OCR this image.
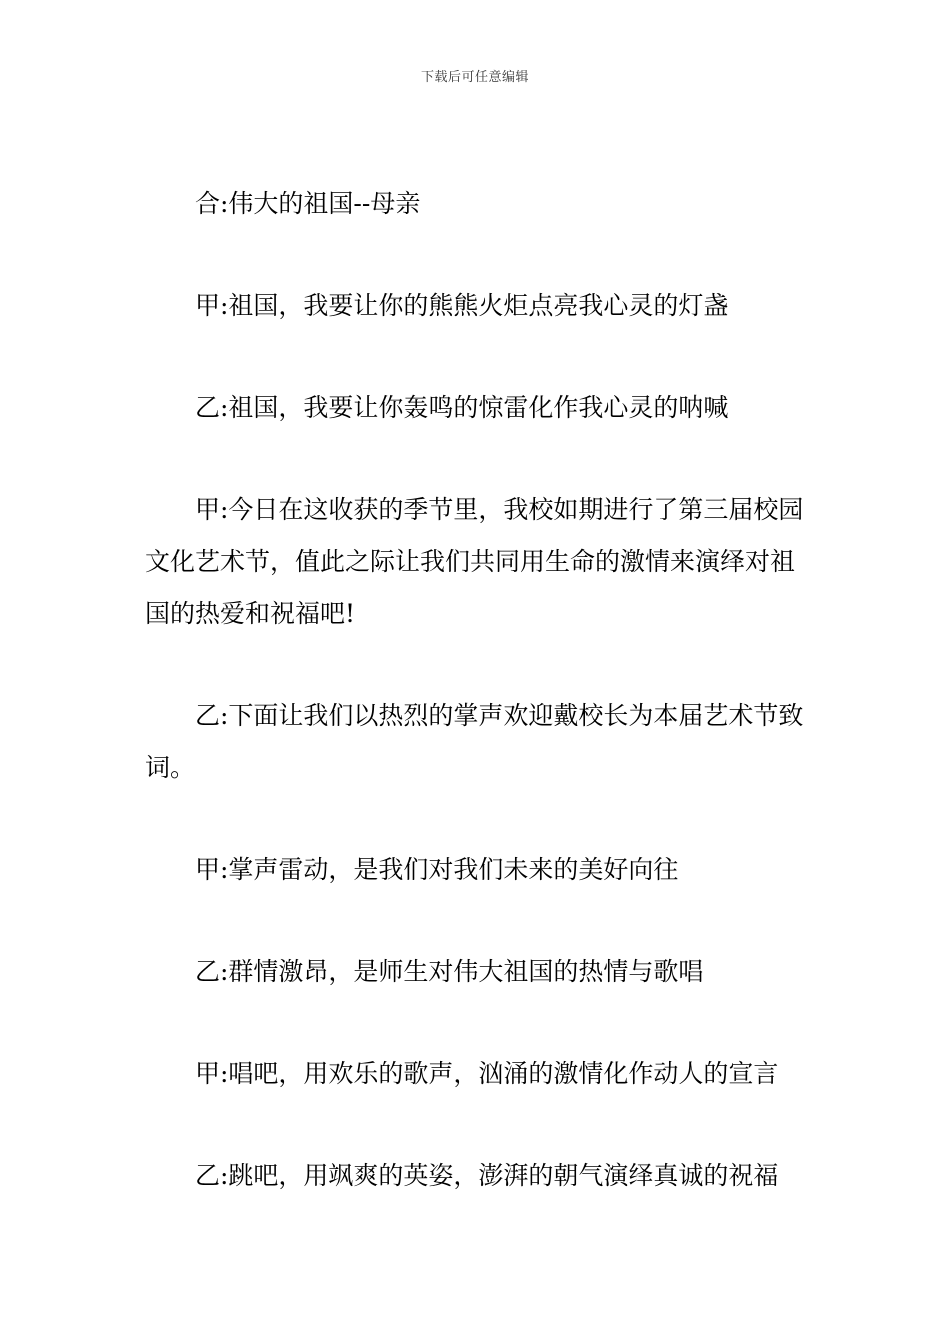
下载后可任意编辑

合:伟大的祖国--母亲

甲:祖国，我要让你的熊熊火炬点亮我心灵的灯盏

乙:祖国，我要让你轰鸣的惊雷化作我心灵的呐喊

甲:今日在这收获的季节里，我校如期进行了第三届校园文化艺术节，值此之际让我们共同用生命的激情来演绎对祖国的热爱和祝福吧!

乙:下面让我们以热烈的掌声欢迎戴校长为本届艺术节致词。

甲:掌声雷动，是我们对我们未来的美好向往

乙:群情激昂，是师生对伟大祖国的热情与歌唱

甲:唱吧，用欢乐的歌声，汹涌的激情化作动人的宣言

乙:跳吧，用飒爽的英姿，澎湃的朝气演绎真诚的祝福
